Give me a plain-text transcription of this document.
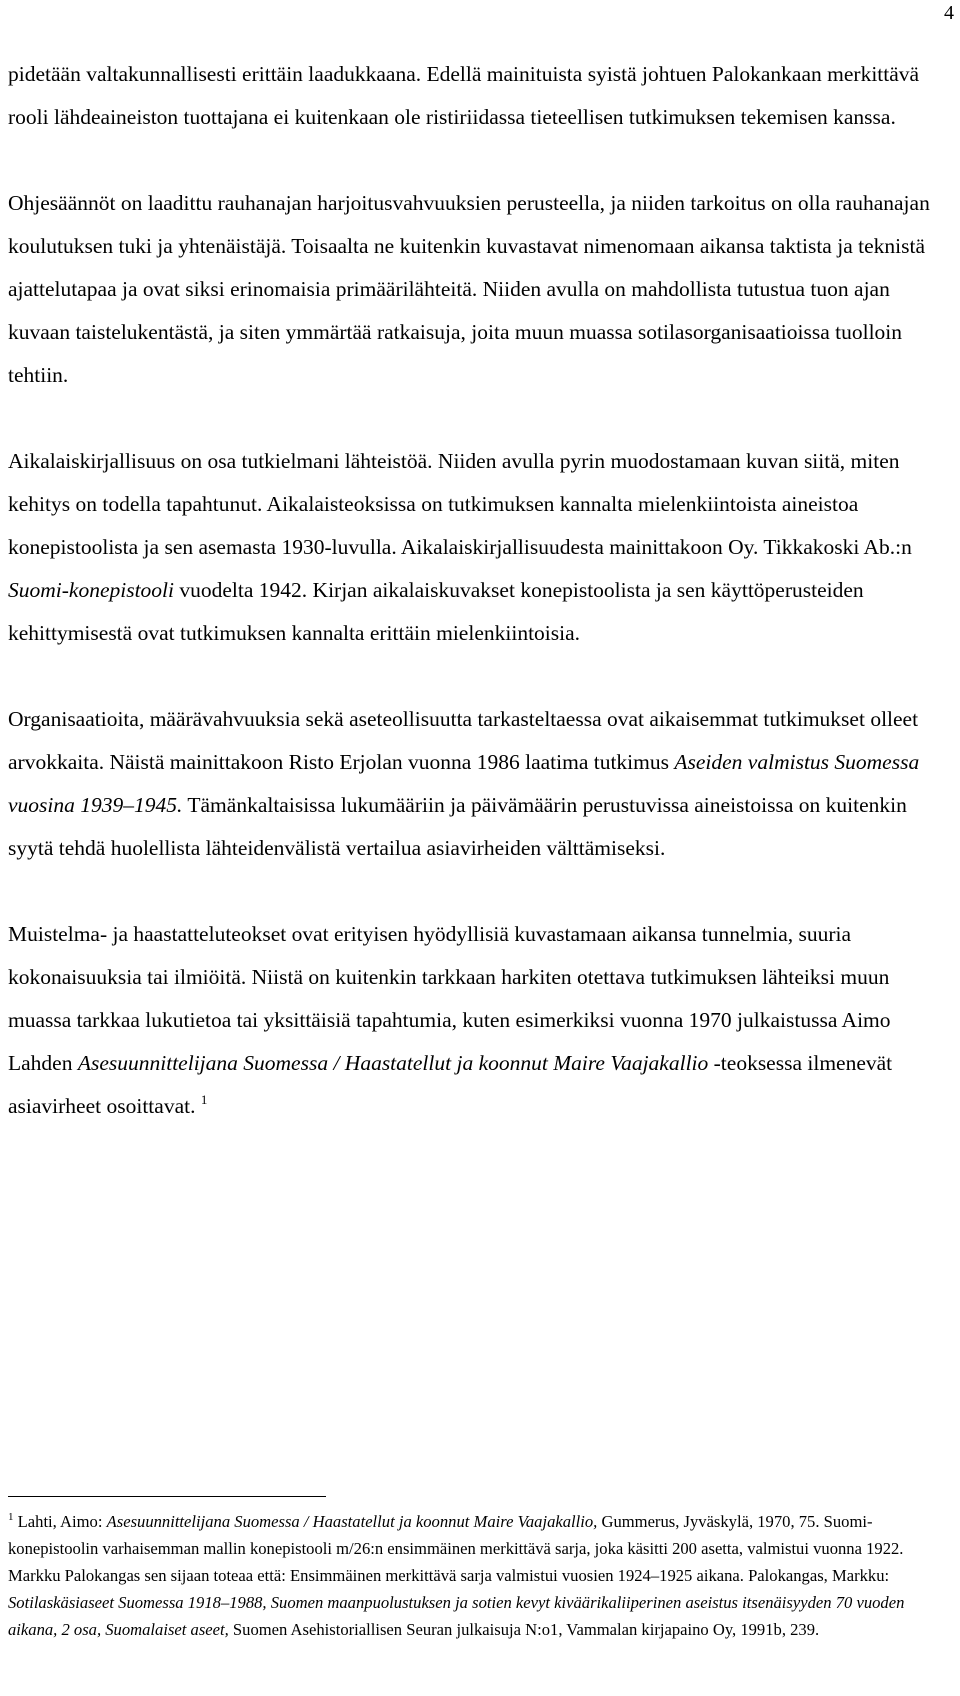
4

pidetään valtakunnallisesti erittäin laadukkaana. Edellä mainituista syistä johtuen Palokankaan merkittävä rooli lähdeaineiston tuottajana ei kuitenkaan ole ristiriidassa tieteellisen tutkimuksen tekemisen kanssa.

Ohjesäännöt on laadittu rauhanajan harjoitusvahvuuksien perusteella, ja niiden tarkoitus on olla rauhanajan koulutuksen tuki ja yhtenäistäjä. Toisaalta ne kuitenkin kuvastavat nimenomaan aikansa taktista ja teknistä ajattelutapaa ja ovat siksi erinomaisia primäärilähteitä. Niiden avulla on mahdollista tutustua tuon ajan kuvaan taistelukentästä, ja siten ymmärtää ratkaisuja, joita muun muassa sotilasorganisaatioissa tuolloin tehtiin.

Aikalaiskirjallisuus on osa tutkielmani lähteistöä. Niiden avulla pyrin muodostamaan kuvan siitä, miten kehitys on todella tapahtunut. Aikalaisteoksissa on tutkimuksen kannalta mielenkiintoista aineistoa konepistoolista ja sen asemasta 1930-luvulla. Aikalaiskirjallisuudesta mainittakoon Oy. Tikkakoski Ab.:n Suomi-konepistooli vuodelta 1942. Kirjan aikalaiskuvakset konepistoolista ja sen käyttöperusteiden kehittymisestä ovat tutkimuksen kannalta erittäin mielenkiintoisia.

Organisaatioita, määrävahvuuksia sekä aseteollisuutta tarkasteltaessa ovat aikaisemmat tutkimukset olleet arvokkaita. Näistä mainittakoon Risto Erjolan vuonna 1986 laatima tutkimus Aseiden valmistus Suomessa vuosina 1939–1945. Tämänkaltaisissa lukumääriin ja päivämäärin perustuvissa aineistoissa on kuitenkin syytä tehdä huolellista lähteidenvälistä vertailua asiavirheiden välttämiseksi.

Muistelma- ja haastatteluteokset ovat erityisen hyödyllisiä kuvastamaan aikansa tunnelmia, suuria kokonaisuuksia tai ilmiöitä. Niistä on kuitenkin tarkkaan harkiten otettava tutkimuksen lähteiksi muun muassa tarkkaa lukutietoa tai yksittäisiä tapahtumia, kuten esimerkiksi vuonna 1970 julkaistussa Aimo Lahden Asesuunnittelijana Suomessa / Haastatellut ja koonnut Maire Vaajakallio -teoksessa ilmenevät asiavirheet osoittavat. $^1$

$^1$ Lahti, Aimo: Asesuunnittelijana Suomessa / Haastatellut ja koonnut Maire Vaajakallio, Gummerus, Jyväskylä, 1970, 75. Suomi-konepistoolin varhaisemman mallin konepistooli m/26:n ensimmäinen merkittävä sarja, joka käsitti 200 asetta, valmistui vuonna 1922. Markku Palokangas sen sijaan toteaa että: Ensimmäinen merkittävä sarja valmistui vuosien 1924–1925 aikana. Palokangas, Markku: Sotilaskäsiaseet Suomessa 1918–1988, Suomen maanpuolustuksen ja sotien kevyt kiväärikaliiperinen aseistus itsenäisyyden 70 vuoden aikana, 2 osa, Suomalaiset aseet, Suomen Asehistoriallisen Seuran julkaisuja N:o1, Vammalan kirjapaino Oy, 1991b, 239.
